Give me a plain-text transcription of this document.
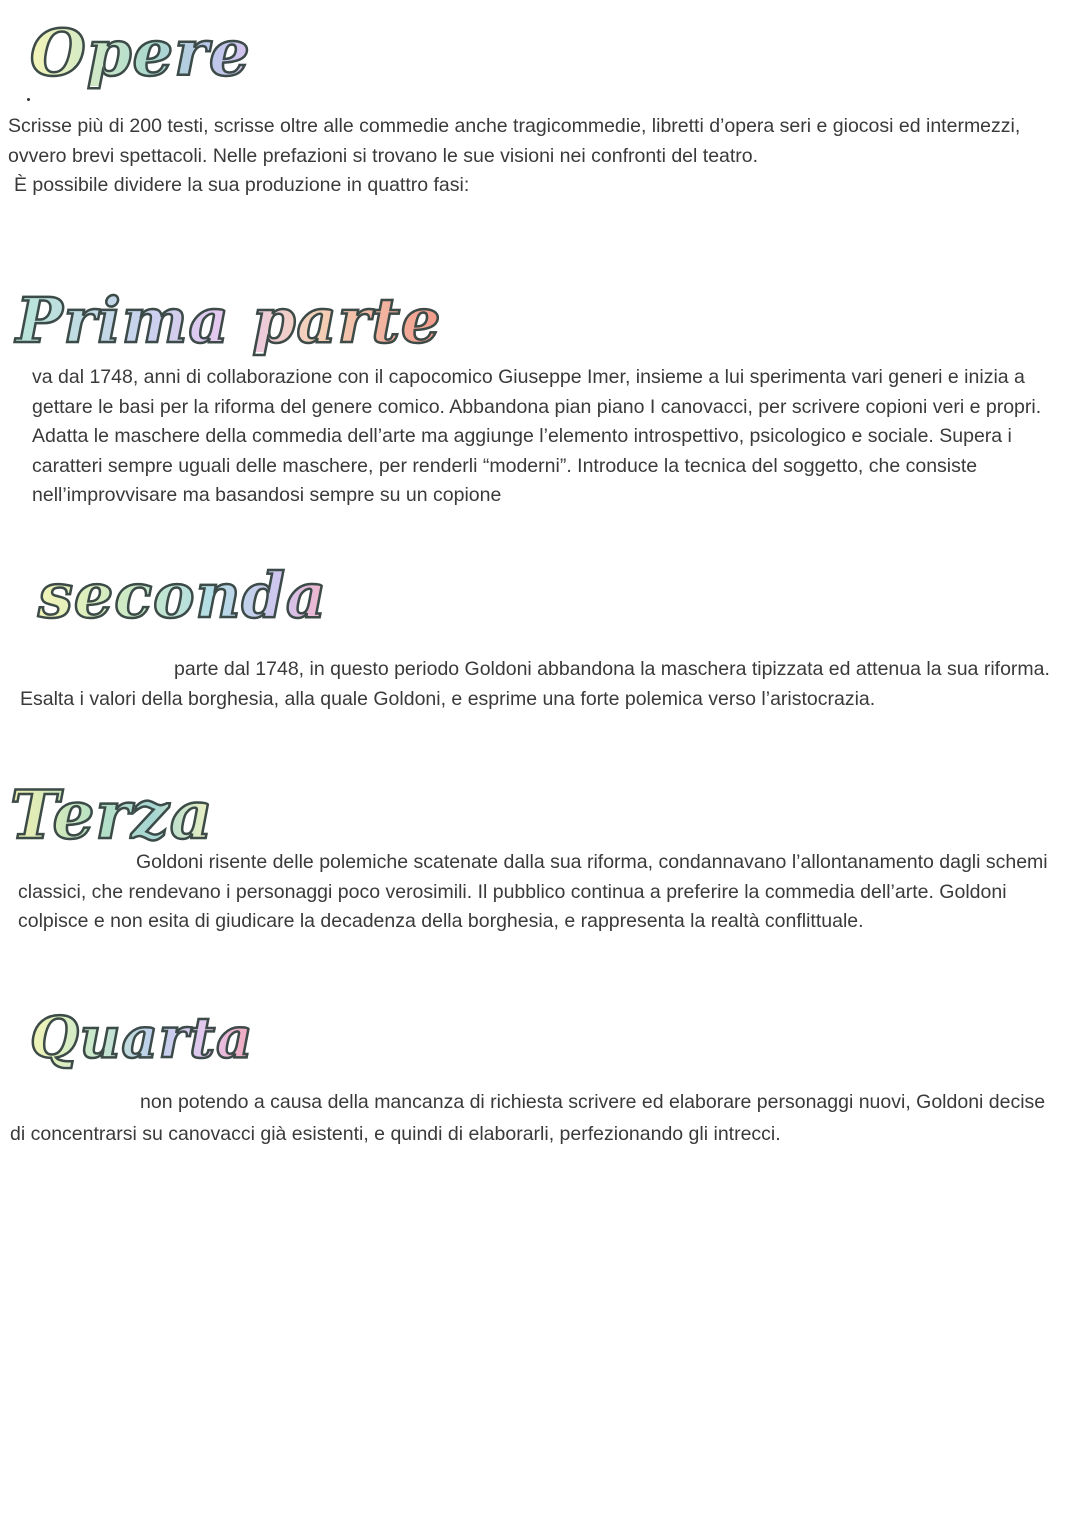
Opere

Scrisse più di 200 testi, scrisse oltre alle commedie anche tragicommedie, libretti d’opera seri e giocosi ed intermezzi, ovvero brevi spettacoli. Nelle prefazioni si trovano le sue visioni nei confronti del teatro.
È possibile dividere la sua produzione in quattro fasi:

Prima parte

va dal 1748, anni di collaborazione con il capocomico Giuseppe Imer, insieme a lui sperimenta vari generi e inizia a gettare le basi per la riforma del genere comico. Abbandona pian piano I canovacci, per scrivere copioni veri e propri. Adatta le maschere della commedia dell’arte ma aggiunge l’elemento introspettivo, psicologico e sociale. Supera i caratteri sempre uguali delle maschere, per renderli “moderni”. Introduce la tecnica del soggetto, che consiste nell’improvvisare ma basandosi sempre su un copione

seconda

parte dal 1748, in questo periodo Goldoni abbandona la maschera tipizzata ed attenua la sua riforma. Esalta i valori della borghesia, alla quale Goldoni, e esprime una forte polemica verso l’aristocrazia.

Terza

Goldoni risente delle polemiche scatenate dalla sua riforma, condannavano l’allontanamento dagli schemi classici, che rendevano i personaggi poco verosimili. Il pubblico continua a preferire la commedia dell’arte. Goldoni colpisce e non esita di giudicare la decadenza della borghesia, e rappresenta la realtà conflittuale.

Quarta

non potendo a causa della mancanza di richiesta scrivere ed elaborare personaggi nuovi, Goldoni decise di concentrarsi su canovacci già esistenti, e quindi di elaborarli, perfezionando gli intrecci.
